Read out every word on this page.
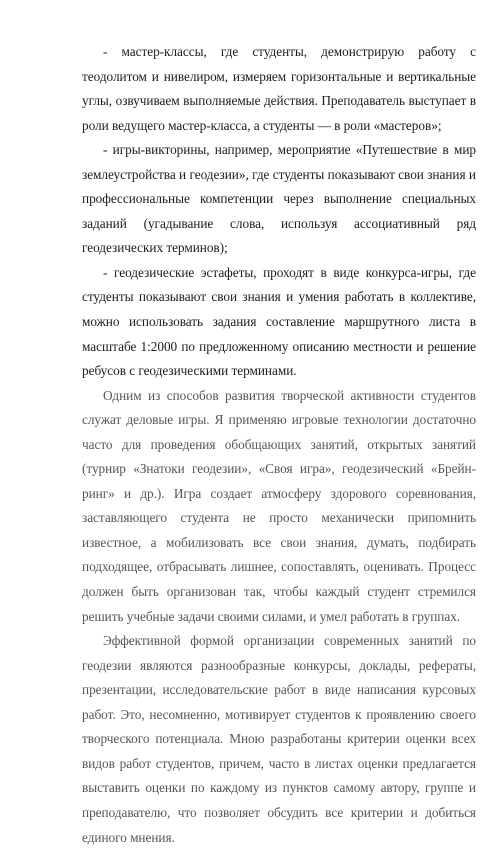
- мастер-классы, где студенты, демонстрирую работу с теодолитом и нивелиром, измеряем горизонтальные и вертикальные углы, озвучиваем выполняемые действия. Преподаватель выступает в роли ведущего мастер-класса, а студенты — в роли «мастеров»;

- игры-викторины, например, мероприятие «Путешествие в мир землеустройства и геодезии», где студенты показывают свои знания и профессиональные компетенции через выполнение специальных заданий (угадывание слова, используя ассоциативный ряд геодезических терминов);

- геодезические эстафеты, проходят в виде конкурса-игры, где студенты показывают свои знания и умения работать в коллективе, можно использовать задания составление маршрутного листа в масштабе 1:2000 по предложенному описанию местности и решение ребусов с геодезическими терминами.

Одним из способов развития творческой активности студентов служат деловые игры. Я применяю игровые технологии достаточно часто для проведения обобщающих занятий, открытых занятий (турнир «Знатоки геодезии», «Своя игра», геодезический «Брейн-ринг» и др.). Игра создает атмосферу здорового соревнования, заставляющего студента не просто механически припомнить известное, а мобилизовать все свои знания, думать, подбирать подходящее, отбрасывать лишнее, сопоставлять, оценивать. Процесс должен быть организован так, чтобы каждый студент стремился решить учебные задачи своими силами, и умел работать в группах.

Эффективной формой организации современных занятий по геодезии являются разнообразные конкурсы, доклады, рефераты, презентации, исследовательские работ в виде написания курсовых работ. Это, несомненно, мотивирует студентов к проявлению своего творческого потенциала. Мною разработаны критерии оценки всех видов работ студентов, причем, часто в листах оценки предлагается выставить оценки по каждому из пунктов самому автору, группе и преподавателю, что позволяет обсудить все критерии и добиться единого мнения.
